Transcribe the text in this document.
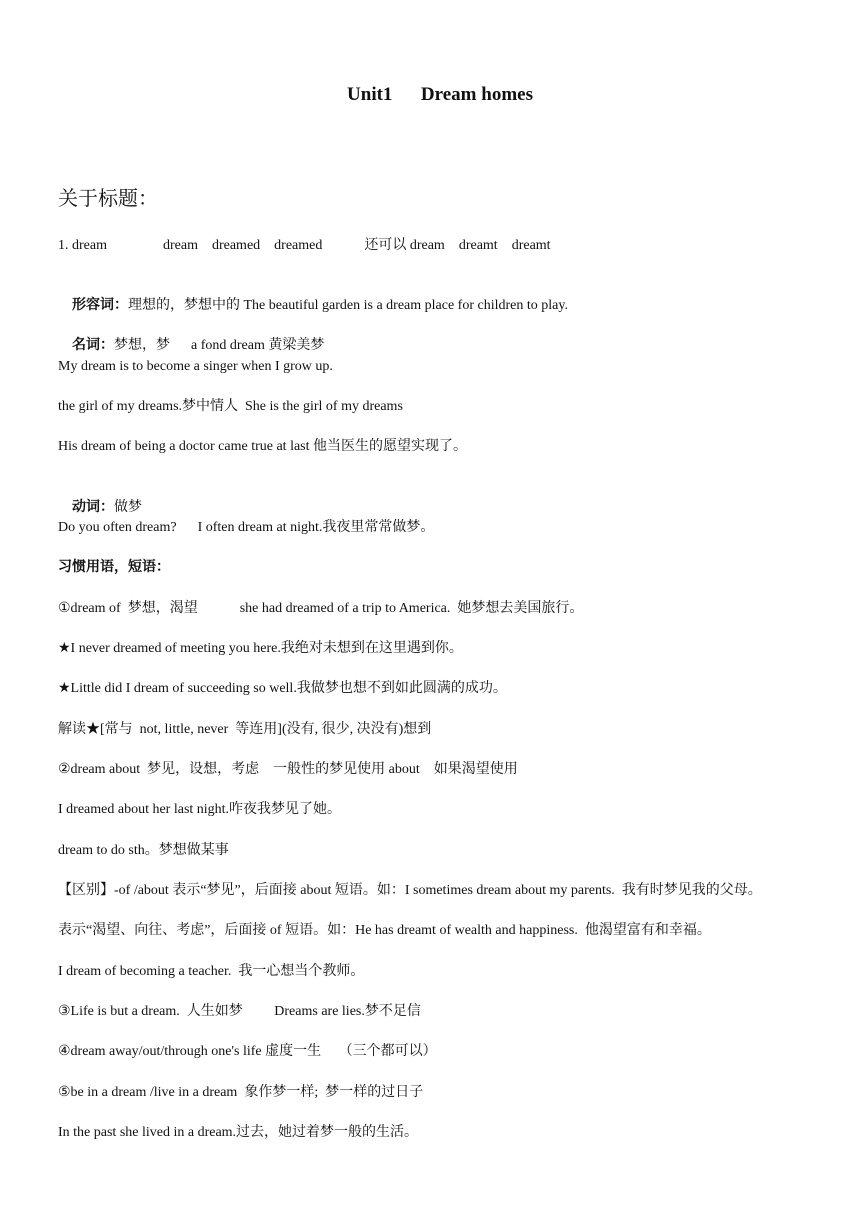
Unit1      Dream homes
关于标题：
1. dream                dream    dreamed    dreamed            还可以 dream    dreamt    dreamt

形容词：理想的，梦想中的 The beautiful garden is a dream place for children to play.

名词：梦想，梦      a fond dream 黄梁美梦

My dream is to become a singer when I grow up.
the girl of my dreams.梦中情人  She is the girl of my dreams
His dream of being a doctor came true at last 他当医生的愿望实现了。

动词：做梦

Do you often dream?      I often dream at night.我夜里常常做梦。
习惯用语，短语：
①dream of  梦想，渴望            she had dreamed of a trip to America.  她梦想去美国旅行。
★I never dreamed of meeting you here.我绝对未想到在这里遇到你。
★Little did I dream of succeeding so well.我做梦也想不到如此圆满的成功。
解读★[常与  not, little, never  等连用](没有, 很少, 决没有)想到
②dream about  梦见，设想，考虑    一般性的梦见使用 about    如果渴望使用
I dreamed about her last night.咋夜我梦见了她。
dream to do sth。梦想做某事
【区别】-of /about 表示“梦见”，后面接 about 短语。如：I sometimes dream about my parents.  我有时梦见我的父母。
表示“渴望、向往、考虑”，后面接 of 短语。如：He has dreamt of wealth and happiness.  他渴望富有和幸福。
I dream of becoming a teacher.  我一心想当个教师。
③Life is but a dream.  人生如梦         Dreams are lies.梦不足信
④dream away/out/through one's life 虚度一生     （三个都可以）
⑤be in a dream /live in a dream  象作梦一样;  梦一样的过日子
In the past she lived in a dream.过去，她过着梦一般的生活。
